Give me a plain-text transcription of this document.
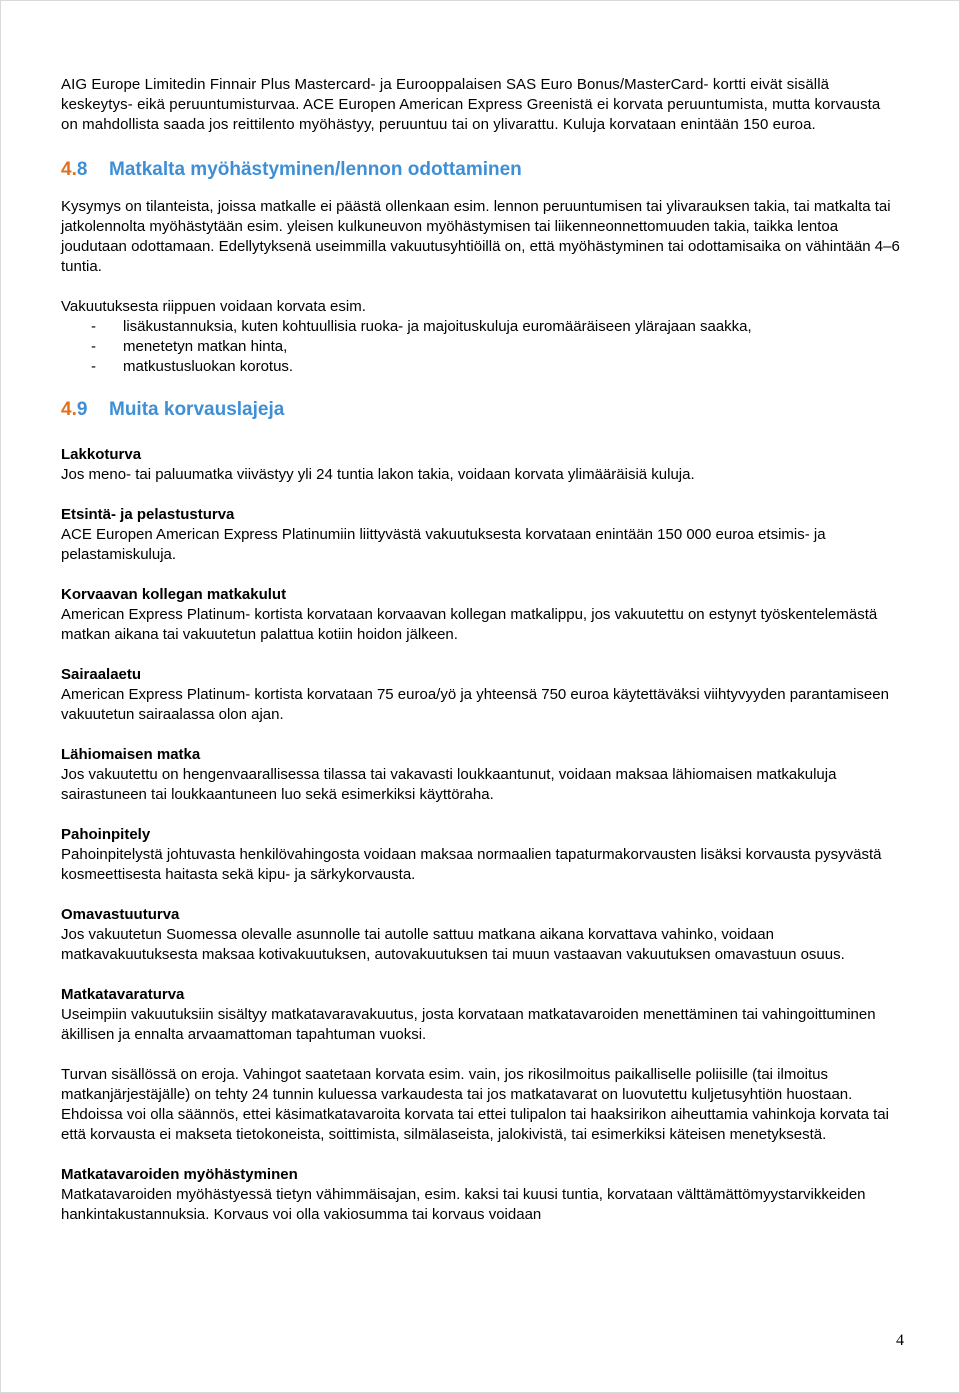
AIG Europe Limitedin Finnair Plus Mastercard- ja Eurooppalaisen SAS Euro Bonus/MasterCard- kortti eivät sisällä keskeytys- eikä peruuntumisturvaa. ACE Europen American Express Greenistä ei korvata peruuntumista, mutta korvausta on mahdollista saada jos reittilento myöhästyy, peruuntuu tai on ylivarattu. Kuluja korvataan enintään 150 euroa.

4.8 Matkalta myöhästyminen/lennon odottaminen

Kysymys on tilanteista, joissa matkalle ei päästä ollenkaan esim. lennon peruuntumisen tai ylivarauksen takia, tai matkalta tai jatkolennolta myöhästytään esim. yleisen kulkuneuvon myöhästymisen tai liikenneonnettomuuden takia, taikka lentoa joudutaan odottamaan. Edellytyksenä useimmilla vakuutusyhtiöillä on, että myöhästyminen tai odottamisaika on vähintään 4–6 tuntia.

Vakuutuksesta riippuen voidaan korvata esim.

- lisäkustannuksia, kuten kohtuullisia ruoka- ja majoituskuluja euromääräiseen ylärajaan saakka,
- menetetyn matkan hinta,
- matkustusluokan korotus.
4.9 Muita korvauslajeja

Lakkoturva

Jos meno- tai paluumatka viivästyy yli 24 tuntia lakon takia, voidaan korvata ylimääräisiä kuluja.

Etsintä- ja pelastusturva

ACE Europen American Express Platinumiin liittyvästä vakuutuksesta korvataan enintään 150 000 euroa etsimis- ja pelastamiskuluja.

Korvaavan kollegan matkakulut

American Express Platinum- kortista korvataan korvaavan kollegan matkalippu, jos vakuutettu on estynyt työskentelemästä matkan aikana tai vakuutetun palattua kotiin hoidon jälkeen.

Sairaalaetu

American Express Platinum- kortista korvataan 75 euroa/yö ja yhteensä 750 euroa käytettäväksi viihtyvyyden parantamiseen vakuutetun sairaalassa olon ajan.

Lähiomaisen matka

Jos vakuutettu on hengenvaarallisessa tilassa tai vakavasti loukkaantunut, voidaan maksaa lähiomaisen matkakuluja sairastuneen tai loukkaantuneen luo sekä esimerkiksi käyttöraha.

Pahoinpitely

Pahoinpitelystä johtuvasta henkilövahingosta voidaan maksaa normaalien tapaturmakorvausten lisäksi korvausta pysyvästä kosmeettisesta haitasta sekä kipu- ja särkykorvausta.

Omavastuuturva

Jos vakuutetun Suomessa olevalle asunnolle tai autolle sattuu matkana aikana korvattava vahinko, voidaan matkavakuutuksesta maksaa kotivakuutuksen, autovakuutuksen tai muun vastaavan vakuutuksen omavastuun osuus.

Matkatavaraturva

Useimpiin vakuutuksiin sisältyy matkatavaravakuutus, josta korvataan matkatavaroiden menettäminen tai vahingoittuminen äkillisen ja ennalta arvaamattoman tapahtuman vuoksi.

Turvan sisällössä on eroja. Vahingot saatetaan korvata esim. vain, jos rikosilmoitus paikalliselle poliisille (tai ilmoitus matkanjärjestäjälle) on tehty 24 tunnin kuluessa varkaudesta tai jos matkatavarat on luovutettu kuljetusyhtiön huostaan. Ehdoissa voi olla säännös, ettei käsimatkatavaroita korvata tai ettei tulipalon tai haaksirikon aiheuttamia vahinkoja korvata tai että korvausta ei makseta tietokoneista, soittimista, silmälaseista, jalokivistä, tai esimerkiksi käteisen menetyksestä.

Matkatavaroiden myöhästyminen

Matkatavaroiden myöhästyessä tietyn vähimmäisajan, esim. kaksi tai kuusi tuntia, korvataan välttämättömyystarvikkeiden hankintakustannuksia. Korvaus voi olla vakiosumma tai korvaus voidaan

4
